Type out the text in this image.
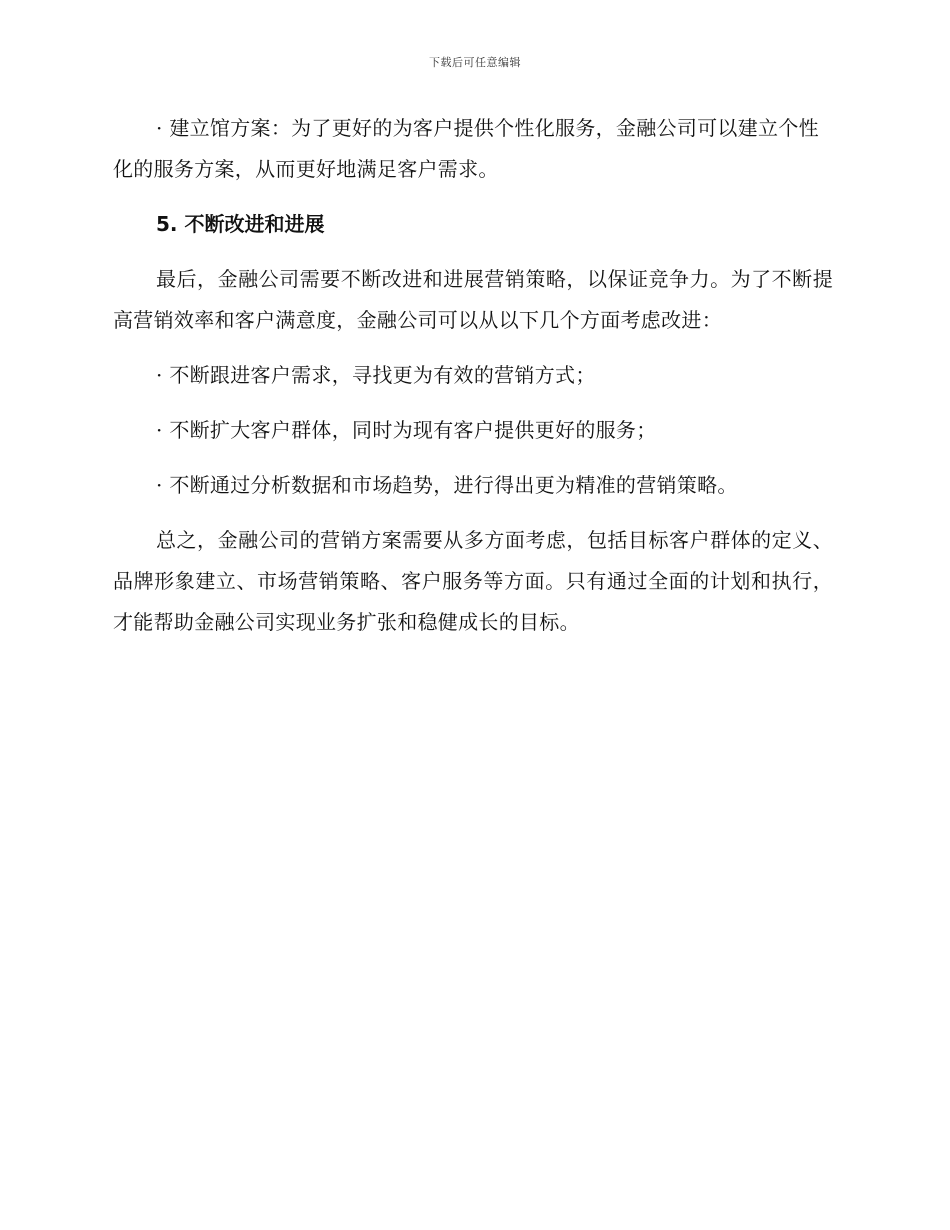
下载后可任意编辑

· 建立馆方案：为了更好的为客户提供个性化服务，金融公司可以建立个性化的服务方案，从而更好地满足客户需求。

5. 不断改进和进展

最后，金融公司需要不断改进和进展营销策略，以保证竞争力。为了不断提高营销效率和客户满意度，金融公司可以从以下几个方面考虑改进：

· 不断跟进客户需求，寻找更为有效的营销方式；
· 不断扩大客户群体，同时为现有客户提供更好的服务；
· 不断通过分析数据和市场趋势，进行得出更为精准的营销策略。

总之，金融公司的营销方案需要从多方面考虑，包括目标客户群体的定义、品牌形象建立、市场营销策略、客户服务等方面。只有通过全面的计划和执行，才能帮助金融公司实现业务扩张和稳健成长的目标。
